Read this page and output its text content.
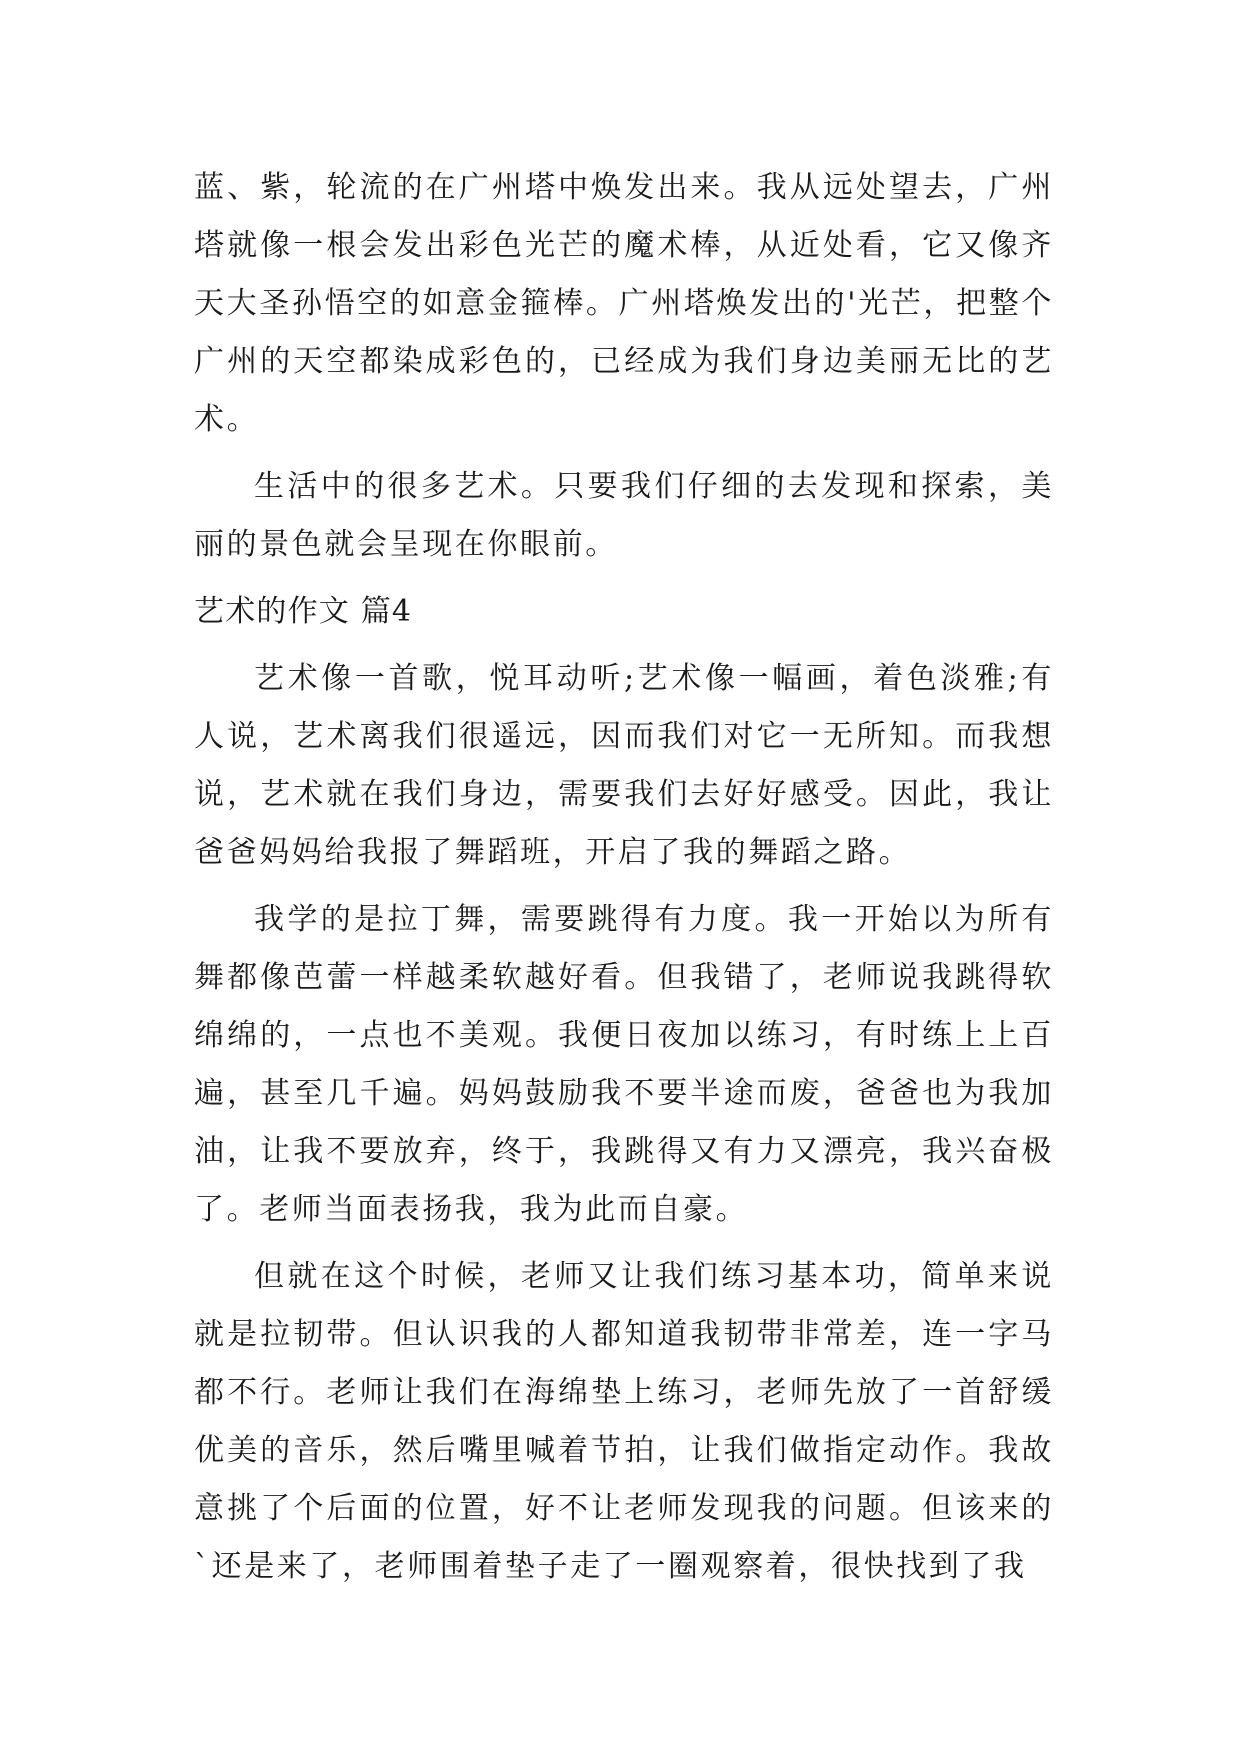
蓝、紫，轮流的在广州塔中焕发出来。我从远处望去，广州塔就像一根会发出彩色光芒的魔术棒，从近处看，它又像齐天大圣孙悟空的如意金箍棒。广州塔焕发出的'光芒，把整个广州的天空都染成彩色的，已经成为我们身边美丽无比的艺术。

生活中的很多艺术。只要我们仔细的去发现和探索，美丽的景色就会呈现在你眼前。

艺术的作文 篇4

艺术像一首歌，悦耳动听;艺术像一幅画，着色淡雅;有人说，艺术离我们很遥远，因而我们对它一无所知。而我想说，艺术就在我们身边，需要我们去好好感受。因此，我让爸爸妈妈给我报了舞蹈班，开启了我的舞蹈之路。

我学的是拉丁舞，需要跳得有力度。我一开始以为所有舞都像芭蕾一样越柔软越好看。但我错了，老师说我跳得软绵绵的，一点也不美观。我便日夜加以练习，有时练上上百遍，甚至几千遍。妈妈鼓励我不要半途而废，爸爸也为我加油，让我不要放弃，终于，我跳得又有力又漂亮，我兴奋极了。老师当面表扬我，我为此而自豪。

但就在这个时候，老师又让我们练习基本功，简单来说就是拉韧带。但认识我的人都知道我韧带非常差，连一字马都不行。老师让我们在海绵垫上练习，老师先放了一首舒缓优美的音乐，然后嘴里喊着节拍，让我们做指定动作。我故意挑了个后面的位置，好不让老师发现我的问题。但该来的`还是来了，老师围着垫子走了一圈观察着，很快找到了我
